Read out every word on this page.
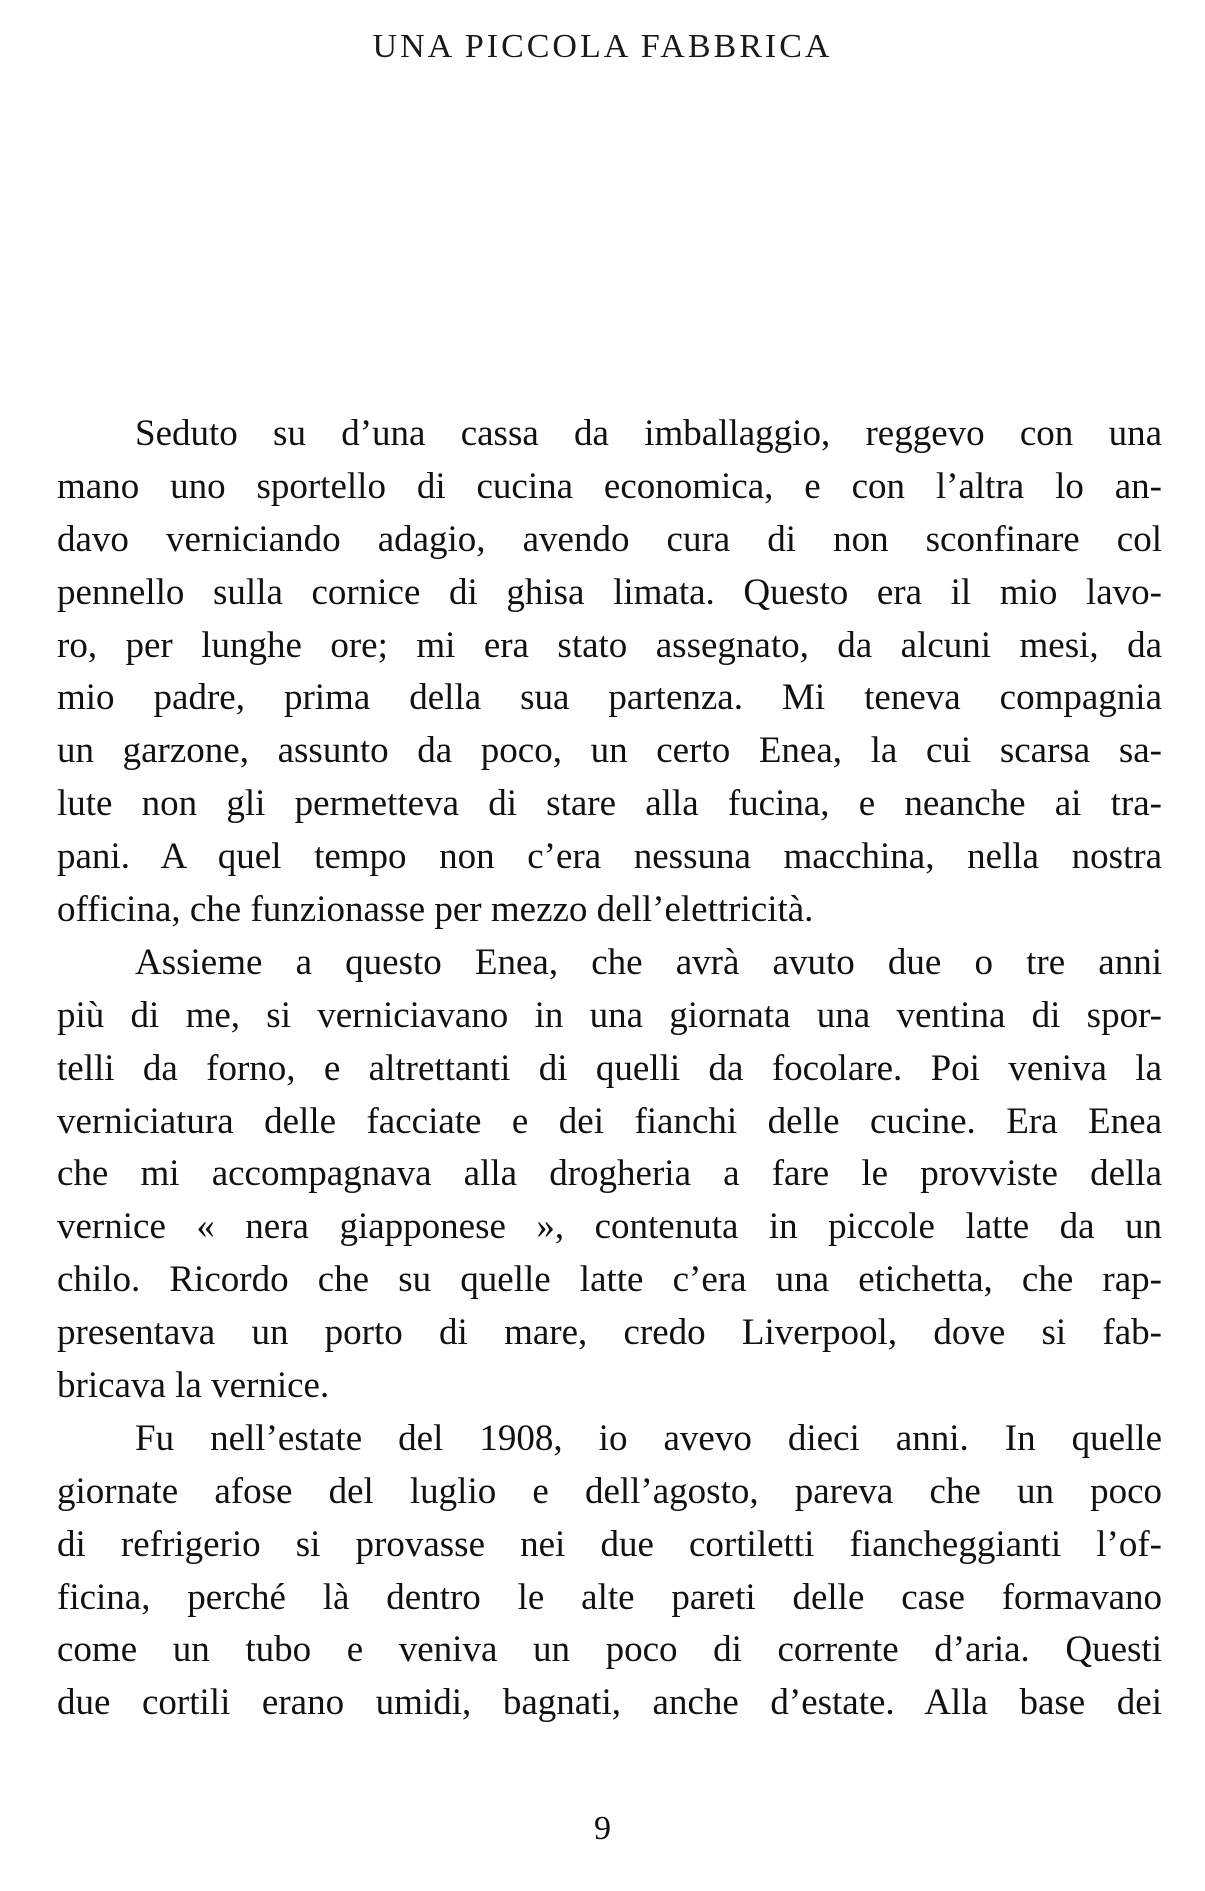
UNA PICCOLA FABBRICA
Seduto su d’una cassa da imballaggio, reggevo con una
mano uno sportello di cucina economica, e con l’altra lo an-
davo verniciando adagio, avendo cura di non sconfinare col
pennello sulla cornice di ghisa limata. Questo era il mio lavo-
ro, per lunghe ore; mi era stato assegnato, da alcuni mesi, da
mio padre, prima della sua partenza. Mi teneva compagnia
un garzone, assunto da poco, un certo Enea, la cui scarsa sa-
lute non gli permetteva di stare alla fucina, e neanche ai tra-
pani. A quel tempo non c’era nessuna macchina, nella nostra
officina, che funzionasse per mezzo dell’elettricità.
Assieme a questo Enea, che avrà avuto due o tre anni
più di me, si verniciavano in una giornata una ventina di spor-
telli da forno, e altrettanti di quelli da focolare. Poi veniva la
verniciatura delle facciate e dei fianchi delle cucine. Era Enea
che mi accompagnava alla drogheria a fare le provviste della
vernice « nera giapponese », contenuta in piccole latte da un
chilo. Ricordo che su quelle latte c’era una etichetta, che rap-
presentava un porto di mare, credo Liverpool, dove si fab-
bricava la vernice.
Fu nell’estate del 1908, io avevo dieci anni. In quelle
giornate afose del luglio e dell’agosto, pareva che un poco
di refrigerio si provasse nei due cortiletti fiancheggianti l’of-
ficina, perché là dentro le alte pareti delle case formavano
come un tubo e veniva un poco di corrente d’aria. Questi
due cortili erano umidi, bagnati, anche d’estate. Alla base dei
9
